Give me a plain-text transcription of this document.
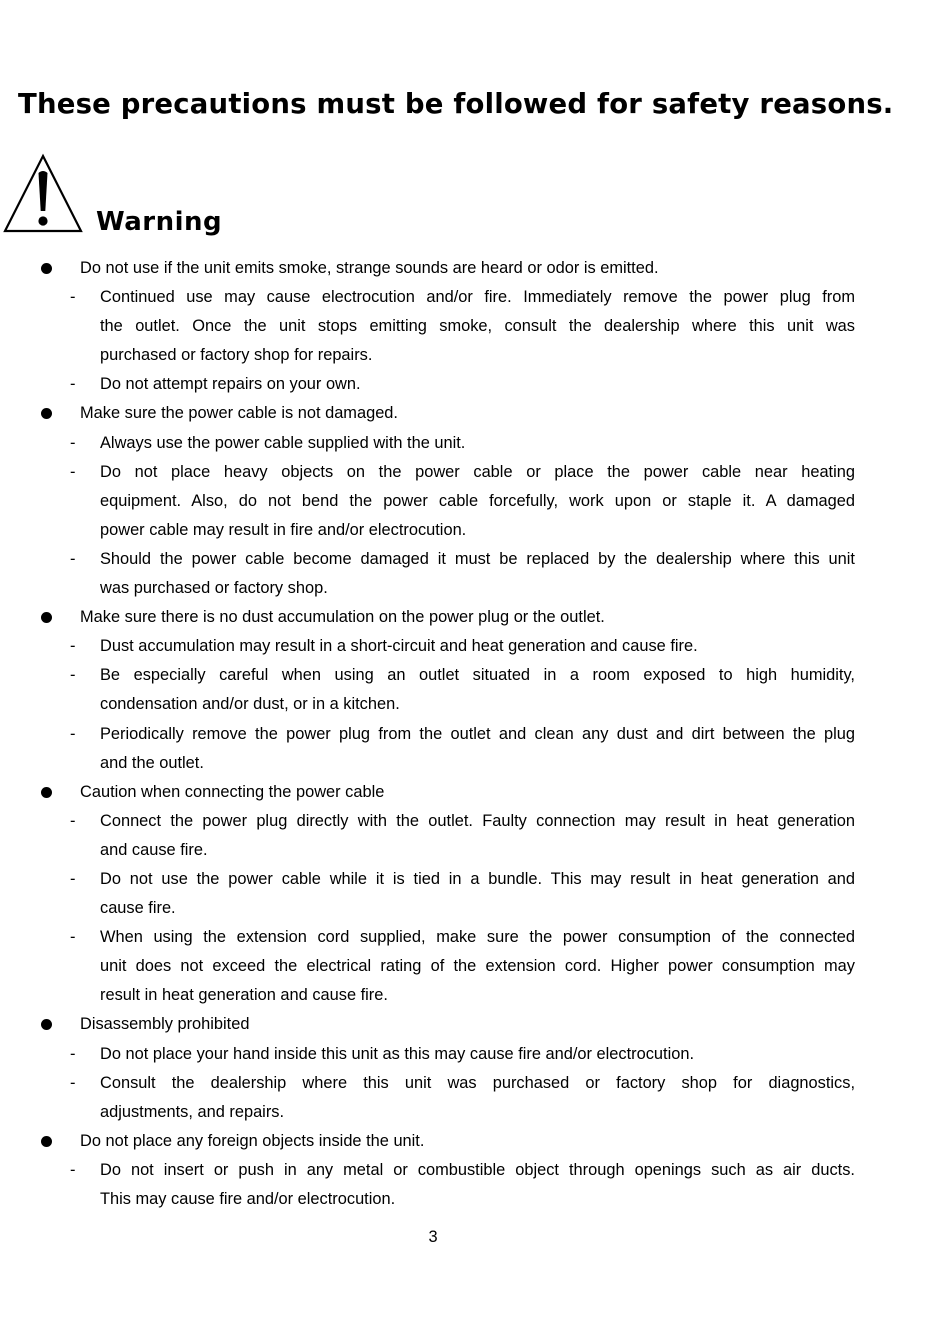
These precautions must be followed for safety reasons.
Warning
Do not use if the unit emits smoke, strange sounds are heard or odor is emitted.
- Continued use may cause electrocution and/or fire. Immediately remove the power plug from
the outlet. Once the unit stops emitting smoke, consult the dealership where this unit was
purchased or factory shop for repairs.
- Do not attempt repairs on your own.
Make sure the power cable is not damaged.
- Always use the power cable supplied with the unit.
- Do not place heavy objects on the power cable or place the power cable near heating
equipment. Also, do not bend the power cable forcefully, work upon or staple it. A damaged
power cable may result in fire and/or electrocution.
- Should the power cable become damaged it must be replaced by the dealership where this unit
was purchased or factory shop.
Make sure there is no dust accumulation on the power plug or the outlet.
- Dust accumulation may result in a short-circuit and heat generation and cause fire.
- Be especially careful when using an outlet situated in a room exposed to high humidity,
condensation and/or dust, or in a kitchen.
- Periodically remove the power plug from the outlet and clean any dust and dirt between the plug
and the outlet.
Caution when connecting the power cable
- Connect the power plug directly with the outlet. Faulty connection may result in heat generation
and cause fire.
- Do not use the power cable while it is tied in a bundle. This may result in heat generation and
cause fire.
- When using the extension cord supplied, make sure the power consumption of the connected
unit does not exceed the electrical rating of the extension cord. Higher power consumption may
result in heat generation and cause fire.
Disassembly prohibited
- Do not place your hand inside this unit as this may cause fire and/or electrocution.
- Consult the dealership where this unit was purchased or factory shop for diagnostics,
adjustments, and repairs.
Do not place any foreign objects inside the unit.
- Do not insert or push in any metal or combustible object through openings such as air ducts.
This may cause fire and/or electrocution.
3
